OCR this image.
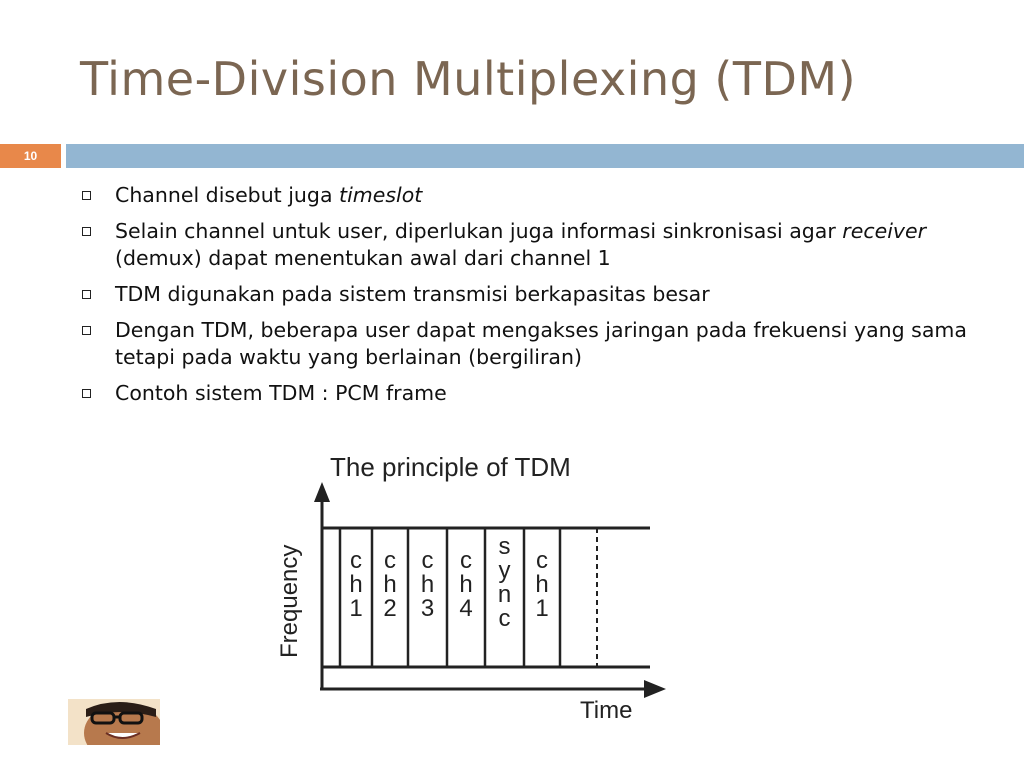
Time-Division Multiplexing (TDM)
10
Channel disebut juga timeslot
Selain channel untuk user, diperlukan juga informasi sinkronisasi agar receiver (demux) dapat menentukan awal dari channel 1
TDM digunakan pada sistem transmisi berkapasitas besar
Dengan TDM, beberapa user dapat mengakses jaringan pada frekuensi yang sama tetapi pada waktu yang berlainan (bergiliran)
Contoh sistem TDM : PCM frame
The principle of TDM
Frequency
Time
c
h
1
c
h
2
c
h
3
c
h
4
s
y
n
c
c
h
1
